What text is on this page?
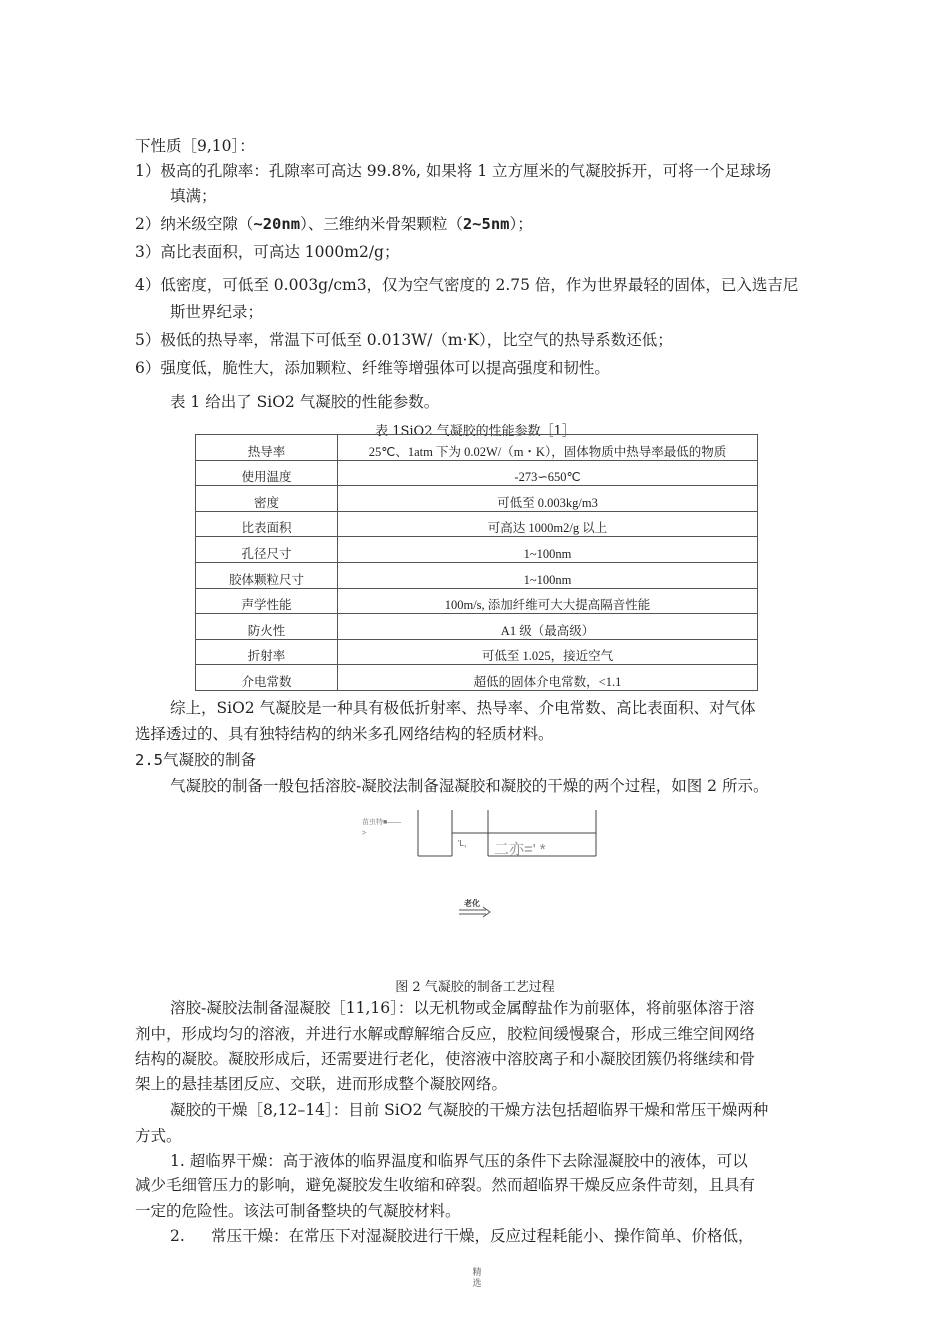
下性质［9,10］：
1）极高的孔隙率：孔隙率可高达 99.8%, 如果将 1 立方厘米的气凝胶拆开，可将一个足球场
填满；
2）纳米级空隙（~20nm）、三维纳米骨架颗粒（2~5nm）；
3）高比表面积，可高达 1000m2/g；
4）低密度，可低至 0.003g/cm3，仅为空气密度的 2.75 倍，作为世界最轻的固体，已入选吉尼
斯世界纪录；
5）极低的热导率，常温下可低至 0.013W/（m·K），比空气的热导系数还低；
6）强度低，脆性大，添加颗粒、纤维等增强体可以提高强度和韧性。
表 1 给出了 SiO2 气凝胶的性能参数。
表 1SiO2 气凝胶的性能参数［1］
热导率	25℃、1atm 下为 0.02W/（m・K），固体物质中热导率最低的物质
使用温度	-273∽650℃
密度	可低至 0.003kg/m3
比表面积	可高达 1000m2/g 以上
孔径尺寸	1~100nm
胶体颗粒尺寸	1~100nm
声学性能	100m/s, 添加纤维可大大提高隔音性能
防火性	A1 级（最高级）
折射率	可低至 1.025，接近空气
介电常数	超低的固体介电常数，<1.1
综上，SiO2 气凝胶是一种具有极低折射率、热导率、介电常数、高比表面积、对气体
选择透过的、具有独特结构的纳米多孔网络结构的轻质材料。
2.5气凝胶的制备
气凝胶的制备一般包括溶胶-凝胶法制备湿凝胶和凝胶的干燥的两个过程，如图 2 所示。
苗虫特■——
>
'L， 二亦=' *
老化
图 2 气凝胶的制备工艺过程
溶胶-凝胶法制备湿凝胶［11,16］：以无机物或金属醇盐作为前驱体，将前驱体溶于溶
剂中，形成均匀的溶液，并进行水解或醇解缩合反应，胶粒间缓慢聚合，形成三维空间网络
结构的凝胶。凝胶形成后，还需要进行老化，使溶液中溶胶离子和小凝胶团簇仍将继续和骨
架上的悬挂基团反应、交联，进而形成整个凝胶网络。
凝胶的干燥［8,12–14］：目前 SiO2 气凝胶的干燥方法包括超临界干燥和常压干燥两种
方式。
1. 超临界干燥：高于液体的临界温度和临界气压的条件下去除湿凝胶中的液体，可以
减少毛细管压力的影响，避免凝胶发生收缩和碎裂。然而超临界干燥反应条件苛刻，且具有
一定的危险性。该法可制备整块的气凝胶材料。
2. 常压干燥：在常压下对湿凝胶进行干燥，反应过程耗能小、操作简单、价格低，
精选
